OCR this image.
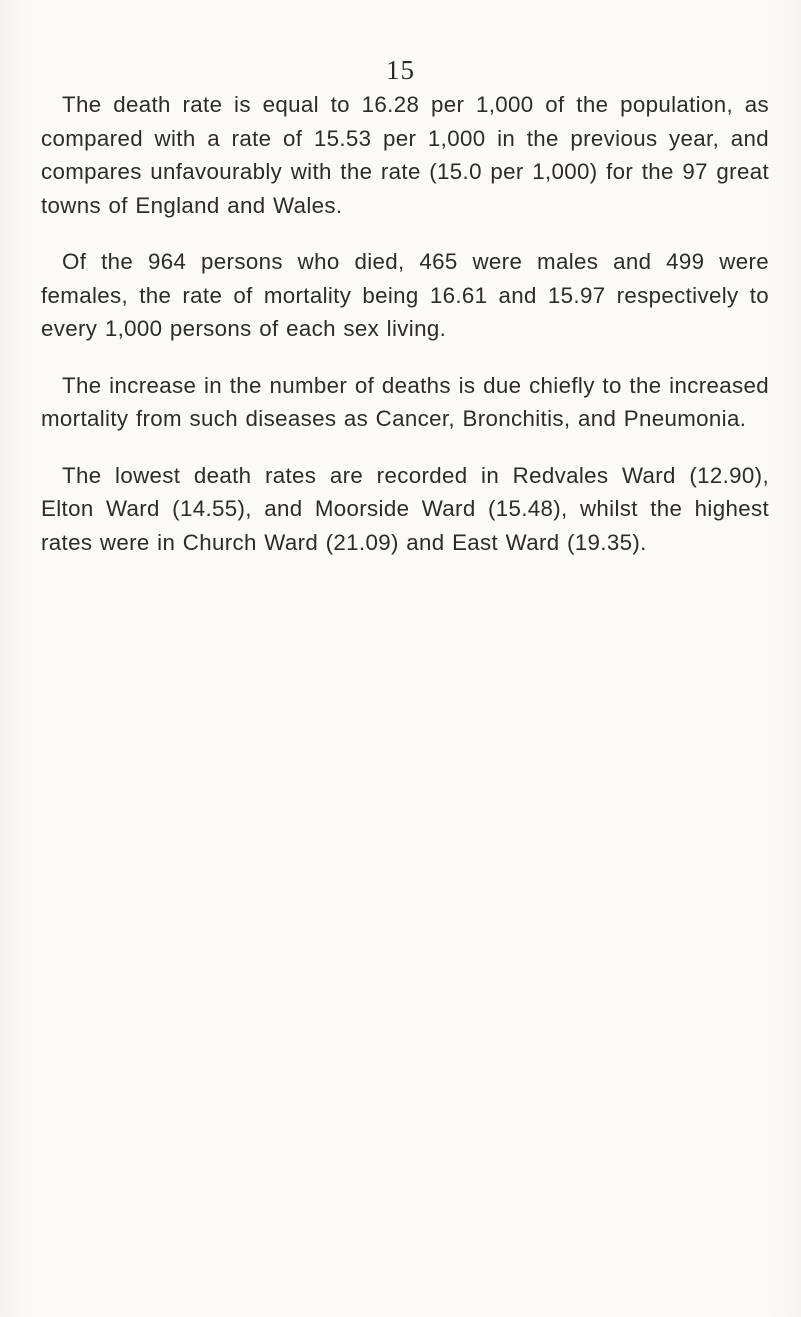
15

The death rate is equal to 16.28 per 1,000 of the population, as compared with a rate of 15.53 per 1,000 in the previous year, and compares unfavourably with the rate (15.0 per 1,000) for the 97 great towns of England and Wales.

Of the 964 persons who died, 465 were males and 499 were females, the rate of mortality being 16.61 and 15.97 respectively to every 1,000 persons of each sex living.

The increase in the number of deaths is due chiefly to the increased mortality from such diseases as Cancer, Bronchitis, and Pneumonia.

The lowest death rates are recorded in Redvales Ward (12.90), Elton Ward (14.55), and Moorside Ward (15.48), whilst the highest rates were in Church Ward (21.09) and East Ward (19.35).
